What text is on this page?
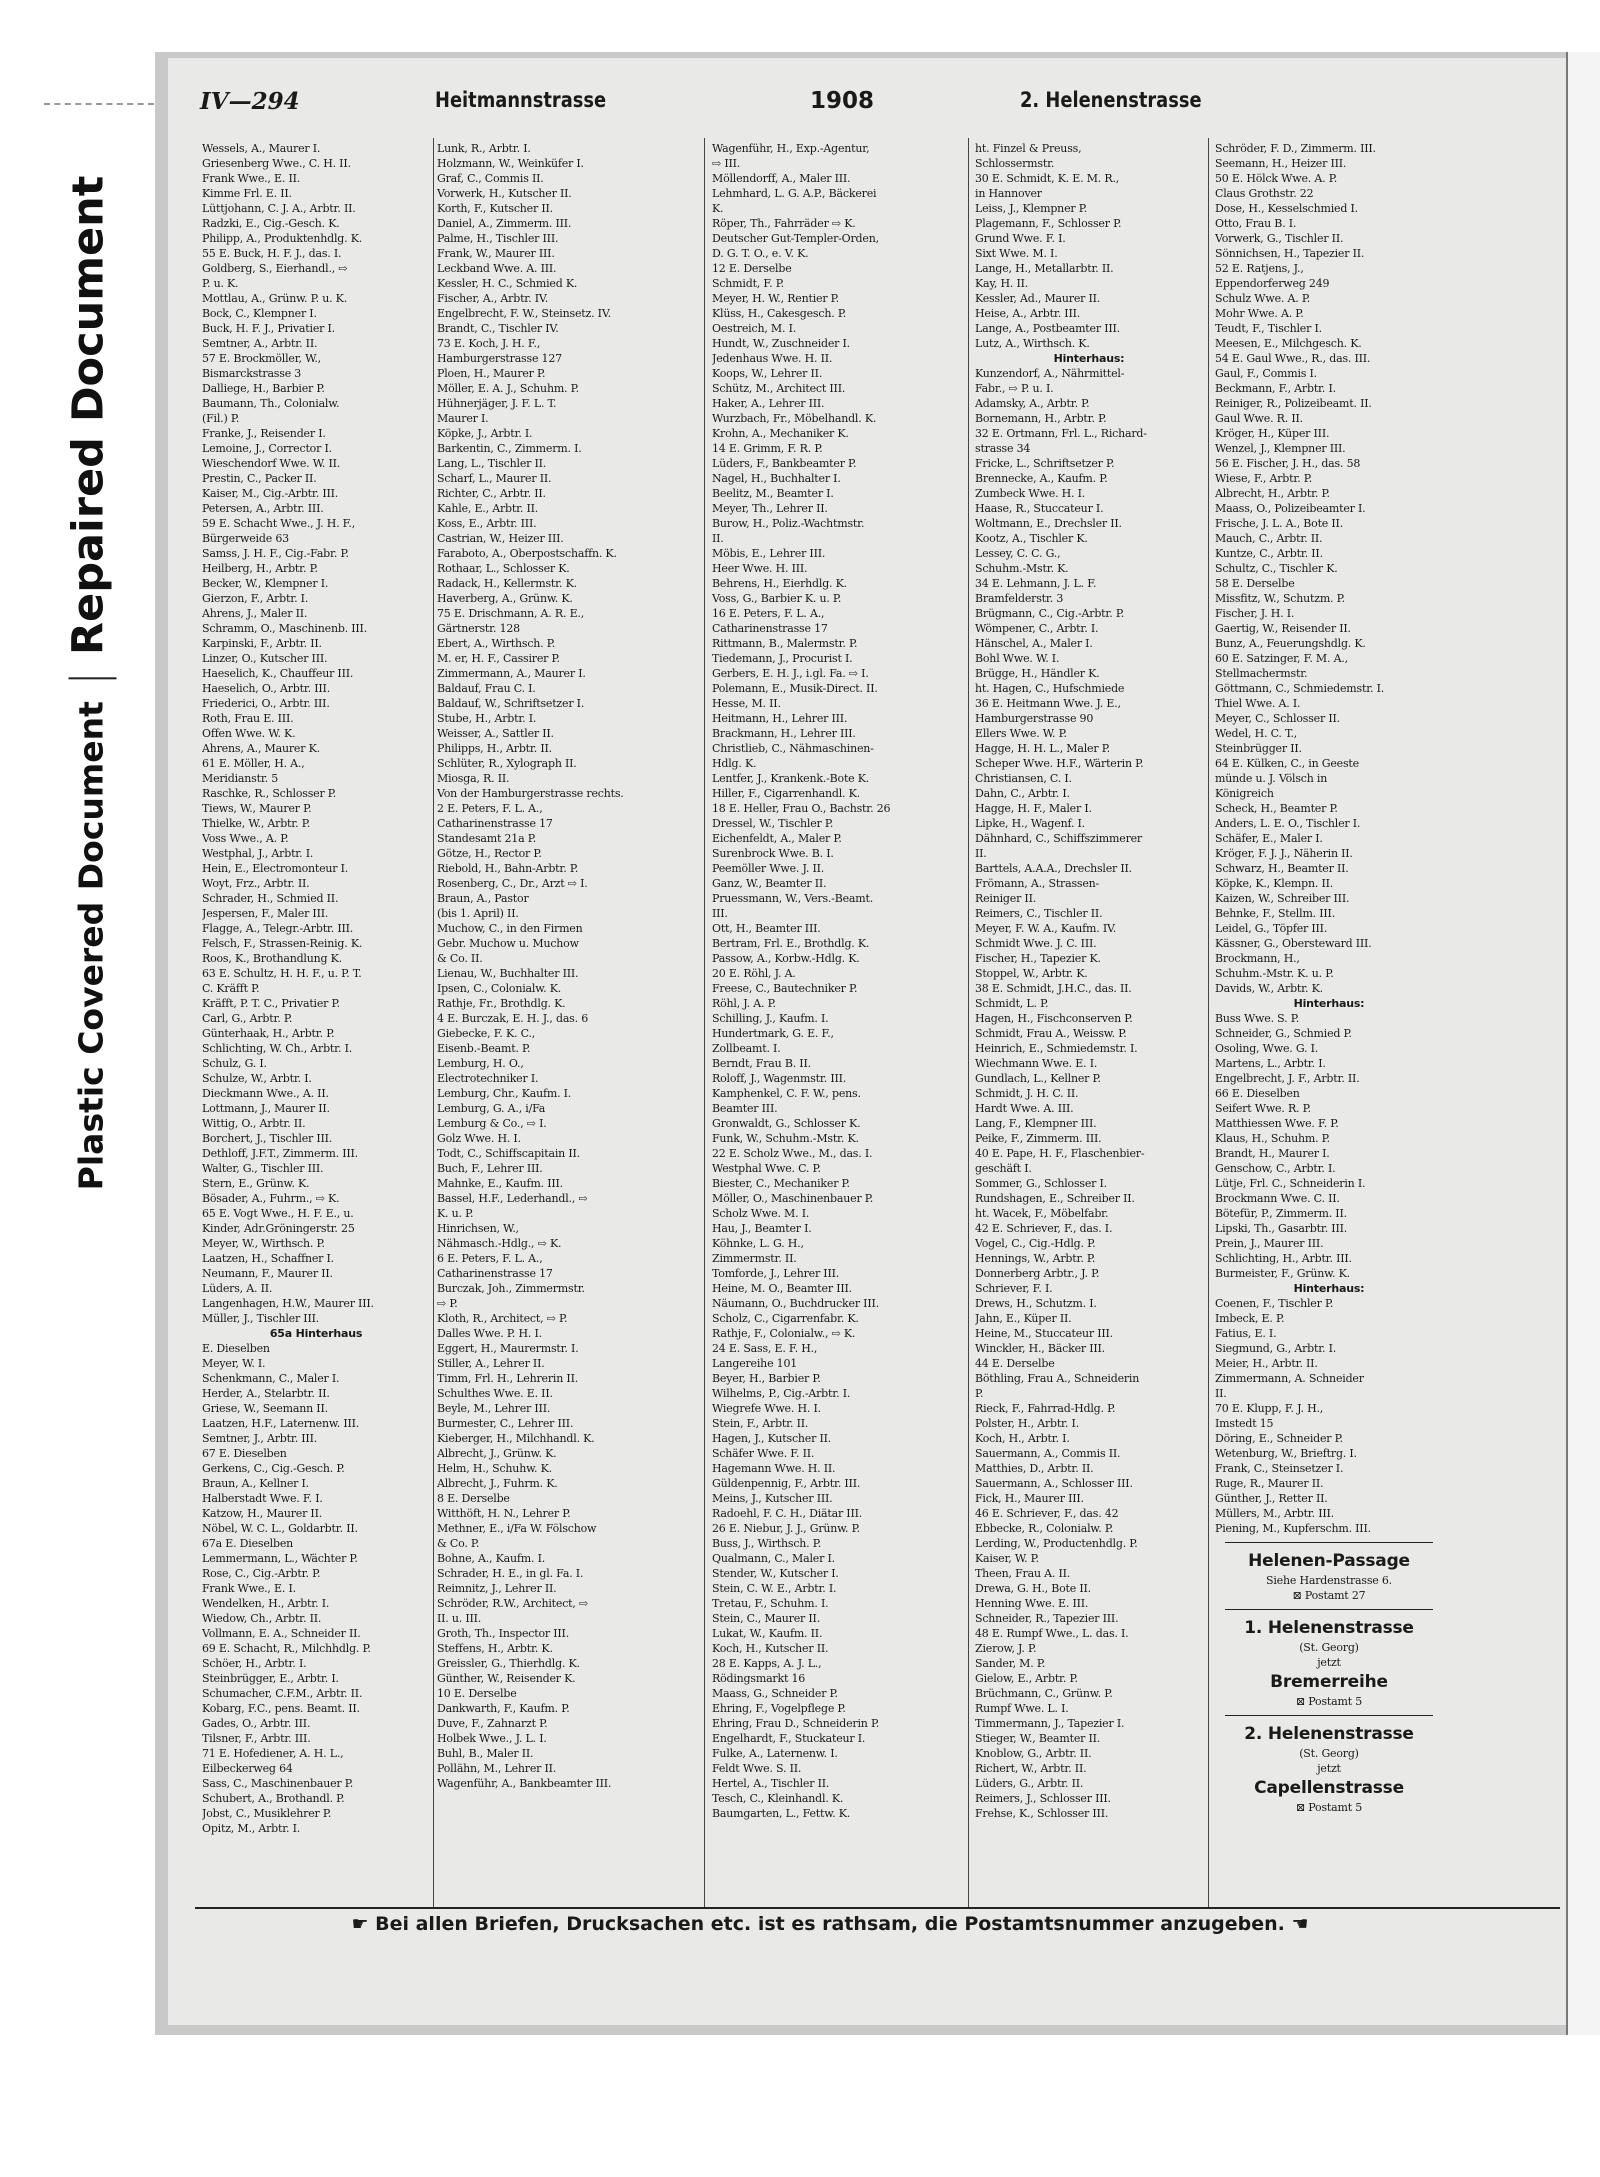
Plastic Covered DocumentRepaired Document
IV—294	Heitmannstrasse	1908	2. Helenenstrasse

Wessels, A., Maurer I.

Griesenberg Wwe., C. H. II.

Frank Wwe., E. II.

Kimme Frl. E. II.

Lüttjohann, C. J. A., Arbtr. II.

Radzki, E., Cig.-Gesch. K.

Philipp, A., Produktenhdlg. K.

55 E. Buck, H. F. J., das. I.

Goldberg, S., Eierhandl., ⇨

P. u. K.

Mottlau, A., Grünw. P. u. K.

Bock, C., Klempner I.

Buck, H. F. J., Privatier I.

Semtner, A., Arbtr. II.

57 E. Brockmöller, W.,

Bismarckstrasse 3

Dalliege, H., Barbier P.

Baumann, Th., Colonialw.

(Fil.) P.

Franke, J., Reisender I.

Lemoine, J., Corrector I.

Wieschendorf Wwe. W. II.

Prestin, C., Packer II.

Kaiser, M., Cig.-Arbtr. III.

Petersen, A., Arbtr. III.

59 E. Schacht Wwe., J. H. F.,

Bürgerweide 63

Samss, J. H. F., Cig.-Fabr. P.

Heilberg, H., Arbtr. P.

Becker, W., Klempner I.

Gierzon, F., Arbtr. I.

Ahrens, J., Maler II.

Schramm, O., Maschinenb. III.

Karpinski, F., Arbtr. II.

Linzer, O., Kutscher III.

Haeselich, K., Chauffeur III.

Haeselich, O., Arbtr. III.

Friederici, O., Arbtr. III.

Roth, Frau E. III.

Offen Wwe. W. K.

Ahrens, A., Maurer K.

61 E. Möller, H. A.,

Meridianstr. 5

Raschke, R., Schlosser P.

Tiews, W., Maurer P.

Thielke, W., Arbtr. P.

Voss Wwe., A. P.

Westphal, J., Arbtr. I.

Hein, E., Electromonteur I.

Woyt, Frz., Arbtr. II.

Schrader, H., Schmied II.

Jespersen, F., Maler III.

Flagge, A., Telegr.-Arbtr. III.

Felsch, F., Strassen-Reinig. K.

Roos, K., Brothandlung K.

63 E. Schultz, H. H. F., u. P. T.

C. Kräfft P.

Kräfft, P. T. C., Privatier P.

Carl, G., Arbtr. P.

Günterhaak, H., Arbtr. P.

Schlichting, W. Ch., Arbtr. I.

Schulz, G. I.

Schulze, W., Arbtr. I.

Dieckmann Wwe., A. II.

Lottmann, J., Maurer II.

Wittig, O., Arbtr. II.

Borchert, J., Tischler III.

Dethloff, J.F.T., Zimmerm. III.

Walter, G., Tischler III.

Stern, E., Grünw. K.

Bösader, A., Fuhrm., ⇨ K.

65 E. Vogt Wwe., H. F. E., u.

Kinder, Adr.Gröningerstr. 25

Meyer, W., Wirthsch. P.

Laatzen, H., Schaffner I.

Neumann, F., Maurer II.

Lüders, A. II.

Langenhagen, H.W., Maurer III.

Müller, J., Tischler III.

65a Hinterhaus

E. Dieselben

Meyer, W. I.

Schenkmann, C., Maler I.

Herder, A., Stelarbtr. II.

Griese, W., Seemann II.

Laatzen, H.F., Laternenw. III.

Semtner, J., Arbtr. III.

67 E. Dieselben

Gerkens, C., Cig.-Gesch. P.

Braun, A., Kellner I.

Halberstadt Wwe. F. I.

Katzow, H., Maurer II.

Nöbel, W. C. L., Goldarbtr. II.

67a E. Dieselben

Lemmermann, L., Wächter P.

Rose, C., Cig.-Arbtr. P.

Frank Wwe., E. I.

Wendelken, H., Arbtr. I.

Wiedow, Ch., Arbtr. II.

Vollmann, E. A., Schneider II.

69 E. Schacht, R., Milchhdlg. P.

Schöer, H., Arbtr. I.

Steinbrügger, E., Arbtr. I.

Schumacher, C.F.M., Arbtr. II.

Kobarg, F.C., pens. Beamt. II.

Gades, O., Arbtr. III.

Tilsner, F., Arbtr. III.

71 E. Hofediener, A. H. L.,

Eilbeckerweg 64

Sass, C., Maschinenbauer P.

Schubert, A., Brothandl. P.

Jobst, C., Musiklehrer P.

Opitz, M., Arbtr. I.

Lunk, R., Arbtr. I.

Holzmann, W., Weinküfer I.

Graf, C., Commis II.

Vorwerk, H., Kutscher II.

Korth, F., Kutscher II.

Daniel, A., Zimmerm. III.

Palme, H., Tischler III.

Frank, W., Maurer III.

Leckband Wwe. A. III.

Kessler, H. C., Schmied K.

Fischer, A., Arbtr. IV.

Engelbrecht, F. W., Steinsetz. IV.

Brandt, C., Tischler IV.

73 E. Koch, J. H. F.,

Hamburgerstrasse 127

Ploen, H., Maurer P.

Möller, E. A. J., Schuhm. P.

Hühnerjäger, J. F. L. T.

Maurer I.

Köpke, J., Arbtr. I.

Barkentin, C., Zimmerm. I.

Lang, L., Tischler II.

Scharf, L., Maurer II.

Richter, C., Arbtr. II.

Kahle, E., Arbtr. II.

Koss, E., Arbtr. III.

Castrian, W., Heizer III.

Faraboto, A., Oberpostschaffn. K.

Rothaar, L., Schlosser K.

Radack, H., Kellermstr. K.

Haverberg, A., Grünw. K.

75 E. Drischmann, A. R. E.,

Gärtnerstr. 128

Ebert, A., Wirthsch. P.

M. er, H. F., Cassirer P.

Zimmermann, A., Maurer I.

Baldauf, Frau C. I.

Baldauf, W., Schriftsetzer I.

Stube, H., Arbtr. I.

Weisser, A., Sattler II.

Philipps, H., Arbtr. II.

Schlüter, R., Xylograph II.

Miosga, R. II.

Von der Hamburgerstrasse rechts.

2 E. Peters, F. L. A.,

Catharinenstrasse 17

Standesamt 21a P.

Götze, H., Rector P.

Riebold, H., Bahn-Arbtr. P.

Rosenberg, C., Dr., Arzt ⇨ I.

Braun, A., Pastor

(bis 1. April) II.

Muchow, C., in den Firmen

Gebr. Muchow u. Muchow

& Co. II.

Lienau, W., Buchhalter III.

Ipsen, C., Colonialw. K.

Rathje, Fr., Brothdlg. K.

4 E. Burczak, E. H. J., das. 6

Giebecke, F. K. C.,

Eisenb.-Beamt. P.

Lemburg, H. O.,

Electrotechniker I.

Lemburg, Chr., Kaufm. I.

Lemburg, G. A., i/Fa

Lemburg & Co., ⇨ I.

Golz Wwe. H. I.

Todt, C., Schiffscapitain II.

Buch, F., Lehrer III.

Mahnke, E., Kaufm. III.

Bassel, H.F., Lederhandl., ⇨

K. u. P.

Hinrichsen, W.,

Nähmasch.-Hdlg., ⇨ K.

6 E. Peters, F. L. A.,

Catharinenstrasse 17

Burczak, Joh., Zimmermstr.

⇨ P.

Kloth, R., Architect, ⇨ P.

Dalles Wwe. P. H. I.

Eggert, H., Maurermstr. I.

Stiller, A., Lehrer II.

Timm, Frl. H., Lehrerin II.

Schulthes Wwe. E. II.

Beyle, M., Lehrer III.

Burmester, C., Lehrer III.

Kieberger, H., Milchhandl. K.

Albrecht, J., Grünw. K.

Helm, H., Schuhw. K.

Albrecht, J., Fuhrm. K.

8 E. Derselbe

Witthöft, H. N., Lehrer P.

Methner, E., i/Fa W. Fölschow

& Co. P.

Bohne, A., Kaufm. I.

Schrader, H. E., in gl. Fa. I.

Reimnitz, J., Lehrer II.

Schröder, R.W., Architect, ⇨

II. u. III.

Groth, Th., Inspector III.

Steffens, H., Arbtr. K.

Greissler, G., Thierhdlg. K.

Günther, W., Reisender K.

10 E. Derselbe

Dankwarth, F., Kaufm. P.

Duve, F., Zahnarzt P.

Holbek Wwe., J. L. I.

Buhl, B., Maler II.

Pollähn, M., Lehrer II.

Wagenführ, A., Bankbeamter III.

Wagenführ, H., Exp.-Agentur,

⇨ III.

Möllendorff, A., Maler III.

Lehmhard, L. G. A.P., Bäckerei

K.

Röper, Th., Fahrräder ⇨ K.

Deutscher Gut-Templer-Orden,

D. G. T. O., e. V. K.

12 E. Derselbe

Schmidt, F. P.

Meyer, H. W., Rentier P.

Klüss, H., Cakesgesch. P.

Oestreich, M. I.

Hundt, W., Zuschneider I.

Jedenhaus Wwe. H. II.

Koops, W., Lehrer II.

Schütz, M., Architect III.

Haker, A., Lehrer III.

Wurzbach, Fr., Möbelhandl. K.

Krohn, A., Mechaniker K.

14 E. Grimm, F. R. P.

Lüders, F., Bankbeamter P.

Nagel, H., Buchhalter I.

Beelitz, M., Beamter I.

Meyer, Th., Lehrer II.

Burow, H., Poliz.-Wachtmstr.

II.

Möbis, E., Lehrer III.

Heer Wwe. H. III.

Behrens, H., Eierhdlg. K.

Voss, G., Barbier K. u. P.

16 E. Peters, F. L. A.,

Catharinenstrasse 17

Rittmann, B., Malermstr. P.

Tiedemann, J., Procurist I.

Gerbers, E. H. J., i.gl. Fa. ⇨ I.

Polemann, E., Musik-Direct. II.

Hesse, M. II.

Heitmann, H., Lehrer III.

Brackmann, H., Lehrer III.

Christlieb, C., Nähmaschinen-

Hdlg. K.

Lentfer, J., Krankenk.-Bote K.

Hiller, F., Cigarrenhandl. K.

18 E. Heller, Frau O., Bachstr. 26

Dressel, W., Tischler P.

Eichenfeldt, A., Maler P.

Surenbrock Wwe. B. I.

Peemöller Wwe. J. II.

Ganz, W., Beamter II.

Pruessmann, W., Vers.-Beamt.

III.

Ott, H., Beamter III.

Bertram, Frl. E., Brothdlg. K.

Passow, A., Korbw.-Hdlg. K.

20 E. Röhl, J. A.

Freese, C., Bautechniker P.

Röhl, J. A. P.

Schilling, J., Kaufm. I.

Hundertmark, G. E. F.,

Zollbeamt. I.

Berndt, Frau B. II.

Roloff, J., Wagenmstr. III.

Kamphenkel, C. F. W., pens.

Beamter III.

Gronwaldt, G., Schlosser K.

Funk, W., Schuhm.-Mstr. K.

22 E. Scholz Wwe., M., das. I.

Westphal Wwe. C. P.

Biester, C., Mechaniker P.

Möller, O., Maschinenbauer P.

Scholz Wwe. M. I.

Hau, J., Beamter I.

Köhnke, L. G. H.,

Zimmermstr. II.

Tomforde, J., Lehrer III.

Heine, M. O., Beamter III.

Näumann, O., Buchdrucker III.

Scholz, C., Cigarrenfabr. K.

Rathje, F., Colonialw., ⇨ K.

24 E. Sass, E. F. H.,

Langereihe 101

Beyer, H., Barbier P.

Wilhelms, P., Cig.-Arbtr. I.

Wiegrefe Wwe. H. I.

Stein, F., Arbtr. II.

Hagen, J., Kutscher II.

Schäfer Wwe. F. II.

Hagemann Wwe. H. II.

Güldenpennig, F., Arbtr. III.

Meins, J., Kutscher III.

Radoehl, F. C. H., Diätar III.

26 E. Niebur, J. J., Grünw. P.

Buss, J., Wirthsch. P.

Qualmann, C., Maler I.

Stender, W., Kutscher I.

Stein, C. W. E., Arbtr. I.

Tretau, F., Schuhm. I.

Stein, C., Maurer II.

Lukat, W., Kaufm. II.

Koch, H., Kutscher II.

28 E. Kapps, A. J. L.,

Rödingsmarkt 16

Maass, G., Schneider P.

Ehring, F., Vogelpflege P.

Ehring, Frau D., Schneiderin P.

Engelhardt, F., Stuckateur I.

Fulke, A., Laternenw. I.

Feldt Wwe. S. II.

Hertel, A., Tischler II.

Tesch, C., Kleinhandl. K.

Baumgarten, L., Fettw. K.

ht. Finzel & Preuss,

Schlossermstr.

30 E. Schmidt, K. E. M. R.,

in Hannover

Leiss, J., Klempner P.

Plagemann, F., Schlosser P.

Grund Wwe. F. I.

Sixt Wwe. M. I.

Lange, H., Metallarbtr. II.

Kay, H. II.

Kessler, Ad., Maurer II.

Heise, A., Arbtr. III.

Lange, A., Postbeamter III.

Lutz, A., Wirthsch. K.

Hinterhaus:

Kunzendorf, A., Nährmittel-

Fabr., ⇨ P. u. I.

Adamsky, A., Arbtr. P.

Bornemann, H., Arbtr. P.

32 E. Ortmann, Frl. L., Richard-

strasse 34

Fricke, L., Schriftsetzer P.

Brennecke, A., Kaufm. P.

Zumbeck Wwe. H. I.

Haase, R., Stuccateur I.

Woltmann, E., Drechsler II.

Kootz, A., Tischler K.

Lessey, C. C. G.,

Schuhm.-Mstr. K.

34 E. Lehmann, J. L. F.

Bramfelderstr. 3

Brügmann, C., Cig.-Arbtr. P.

Wömpener, C., Arbtr. I.

Hänschel, A., Maler I.

Bohl Wwe. W. I.

Brügge, H., Händler K.

ht. Hagen, C., Hufschmiede

36 E. Heitmann Wwe. J. E.,

Hamburgerstrasse 90

Ellers Wwe. W. P.

Hagge, H. H. L., Maler P.

Scheper Wwe. H.F., Wärterin P.

Christiansen, C. I.

Dahn, C., Arbtr. I.

Hagge, H. F., Maler I.

Lipke, H., Wagenf. I.

Dähnhard, C., Schiffszimmerer

II.

Barttels, A.A.A., Drechsler II.

Frömann, A., Strassen-

Reiniger II.

Reimers, C., Tischler II.

Meyer, F. W. A., Kaufm. IV.

Schmidt Wwe. J. C. III.

Fischer, H., Tapezier K.

Stoppel, W., Arbtr. K.

38 E. Schmidt, J.H.C., das. II.

Schmidt, L. P.

Hagen, H., Fischconserven P.

Schmidt, Frau A., Weissw. P.

Heinrich, E., Schmiedemstr. I.

Wiechmann Wwe. E. I.

Gundlach, L., Kellner P.

Schmidt, J. H. C. II.

Hardt Wwe. A. III.

Lang, F., Klempner III.

Peike, F., Zimmerm. III.

40 E. Pape, H. F., Flaschenbier-

geschäft I.

Sommer, G., Schlosser I.

Rundshagen, E., Schreiber II.

ht. Wacek, F., Möbelfabr.

42 E. Schriever, F., das. I.

Vogel, C., Cig.-Hdlg. P.

Hennings, W., Arbtr. P.

Donnerberg Arbtr., J. P.

Schriever, F. I.

Drews, H., Schutzm. I.

Jahn, E., Küper II.

Heine, M., Stuccateur III.

Winckler, H., Bäcker III.

44 E. Derselbe

Böthling, Frau A., Schneiderin

P.

Rieck, F., Fahrrad-Hdlg. P.

Polster, H., Arbtr. I.

Koch, H., Arbtr. I.

Sauermann, A., Commis II.

Matthies, D., Arbtr. II.

Sauermann, A., Schlosser III.

Fick, H., Maurer III.

46 E. Schriever, F., das. 42

Ebbecke, R., Colonialw. P.

Lerding, W., Productenhdlg. P.

Kaiser, W. P.

Theen, Frau A. II.

Drewa, G. H., Bote II.

Henning Wwe. E. III.

Schneider, R., Tapezier III.

48 E. Rumpf Wwe., L. das. I.

Zierow, J. P.

Sander, M. P.

Gielow, E., Arbtr. P.

Brüchmann, C., Grünw. P.

Rumpf Wwe. L. I.

Timmermann, J., Tapezier I.

Stieger, W., Beamter II.

Knoblow, G., Arbtr. II.

Richert, W., Arbtr. II.

Lüders, G., Arbtr. II.

Reimers, J., Schlosser III.

Frehse, K., Schlosser III.

Schröder, F. D., Zimmerm. III.

Seemann, H., Heizer III.

50 E. Hölck Wwe. A. P.

Claus Grothstr. 22

Dose, H., Kesselschmied I.

Otto, Frau B. I.

Vorwerk, G., Tischler II.

Sönnichsen, H., Tapezier II.

52 E. Ratjens, J.,

Eppendorferweg 249

Schulz Wwe. A. P.

Mohr Wwe. A. P.

Teudt, F., Tischler I.

Meesen, E., Milchgesch. K.

54 E. Gaul Wwe., R., das. III.

Gaul, F., Commis I.

Beckmann, F., Arbtr. I.

Reiniger, R., Polizeibeamt. II.

Gaul Wwe. R. II.

Kröger, H., Küper III.

Wenzel, J., Klempner III.

56 E. Fischer, J. H., das. 58

Wiese, F., Arbtr. P.

Albrecht, H., Arbtr. P.

Maass, O., Polizeibeamter I.

Frische, J. L. A., Bote II.

Mauch, C., Arbtr. II.

Kuntze, C., Arbtr. II.

Schultz, C., Tischler K.

58 E. Derselbe

Missfitz, W., Schutzm. P.

Fischer, J. H. I.

Gaertig, W., Reisender II.

Bunz, A., Feuerungshdlg. K.

60 E. Satzinger, F. M. A.,

Stellmachermstr.

Göttmann, C., Schmiedemstr. I.

Thiel Wwe. A. I.

Meyer, C., Schlosser II.

Wedel, H. C. T.,

Steinbrügger II.

64 E. Külken, C., in Geeste

münde u. J. Völsch in

Königreich

Scheck, H., Beamter P.

Anders, L. E. O., Tischler I.

Schäfer, E., Maler I.

Kröger, F. J. J., Näherin II.

Schwarz, H., Beamter II.

Köpke, K., Klempn. II.

Kaizen, W., Schreiber III.

Behnke, F., Stellm. III.

Leidel, G., Töpfer III.

Kässner, G., Obersteward III.

Brockmann, H.,

Schuhm.-Mstr. K. u. P.

Davids, W., Arbtr. K.

Hinterhaus:

Buss Wwe. S. P.

Schneider, G., Schmied P.

Osoling, Wwe. G. I.

Martens, L., Arbtr. I.

Engelbrecht, J. F., Arbtr. II.

66 E. Dieselben

Seifert Wwe. R. P.

Matthiessen Wwe. F. P.

Klaus, H., Schuhm. P.

Brandt, H., Maurer I.

Genschow, C., Arbtr. I.

Lütje, Frl. C., Schneiderin I.

Brockmann Wwe. C. II.

Bötefür, P., Zimmerm. II.

Lipski, Th., Gasarbtr. III.

Prein, J., Maurer III.

Schlichting, H., Arbtr. III.

Burmeister, F., Grünw. K.

Hinterhaus:

Coenen, F., Tischler P.

Imbeck, E. P.

Fatius, E. I.

Siegmund, G., Arbtr. I.

Meier, H., Arbtr. II.

Zimmermann, A. Schneider

II.

70 E. Klupp, F. J. H.,

Imstedt 15

Döring, E., Schneider P.

Wetenburg, W., Brieftrg. I.

Frank, C., Steinsetzer I.

Ruge, R., Maurer II.

Günther, J., Retter II.

Müllers, M., Arbtr. III.

Piening, M., Kupferschm. III.

Helenen-Passage

Siehe Hardenstrasse 6.

⊠ Postamt 27

1. Helenenstrasse

(St. Georg)

jetzt

Bremerreihe

⊠ Postamt 5

2. Helenenstrasse

(St. Georg)

jetzt

Capellenstrasse

⊠ Postamt 5

☛ Bei allen Briefen, Drucksachen etc. ist es rathsam, die Postamtsnummer anzugeben. ☚
